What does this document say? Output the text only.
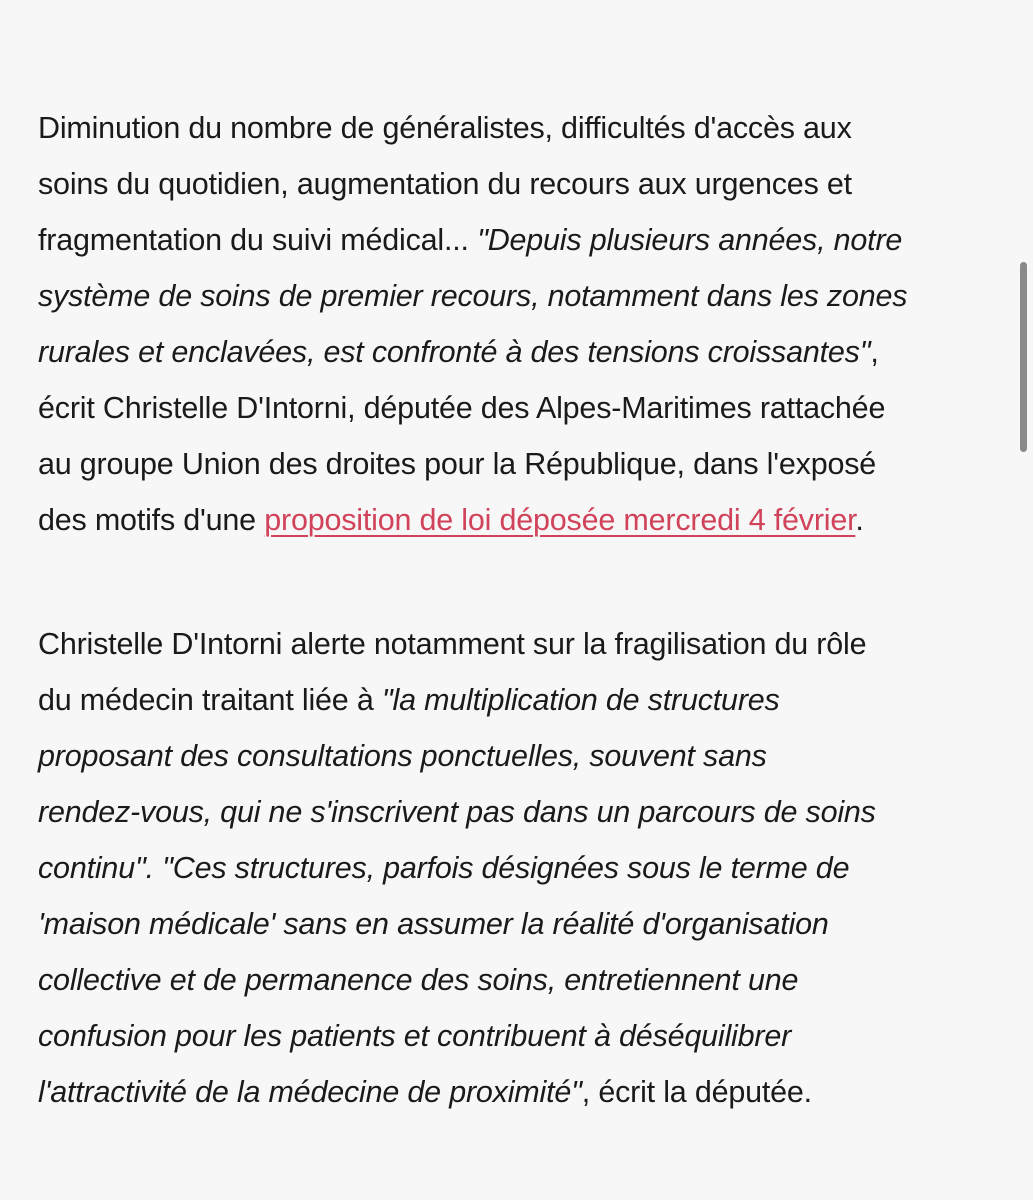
Diminution du nombre de généralistes, difficultés d'accès aux
soins du quotidien, augmentation du recours aux urgences et
fragmentation du suivi médical... "Depuis plusieurs années, notre
système de soins de premier recours, notamment dans les zones
rurales et enclavées, est confronté à des tensions croissantes",
écrit Christelle D'Intorni, députée des Alpes-Maritimes rattachée
au groupe Union des droites pour la République, dans l'exposé
des motifs d'une proposition de loi déposée mercredi 4 février.

Christelle D'Intorni alerte notamment sur la fragilisation du rôle
du médecin traitant liée à "la multiplication de structures
proposant des consultations ponctuelles, souvent sans
rendez-vous, qui ne s'inscrivent pas dans un parcours de soins
continu". "Ces structures, parfois désignées sous le terme de
'maison médicale' sans en assumer la réalité d'organisation
collective et de permanence des soins, entretiennent une
confusion pour les patients et contribuent à déséquilibrer
l'attractivité de la médecine de proximité", écrit la députée.
